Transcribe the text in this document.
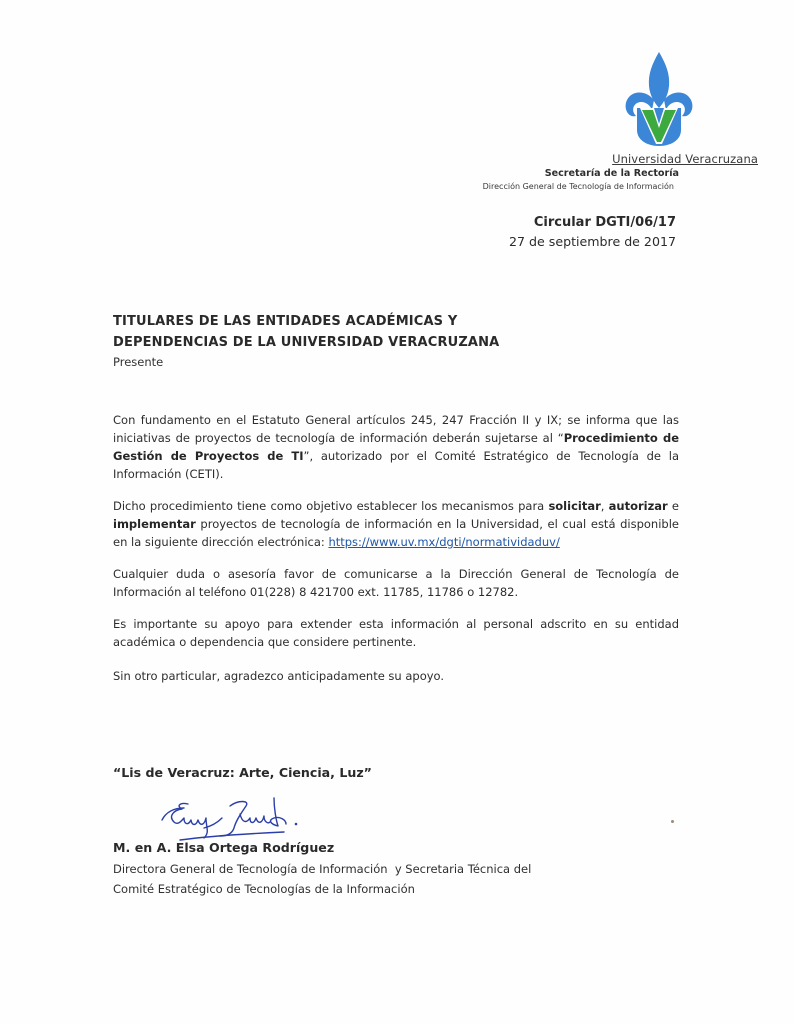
Universidad Veracruzana
Secretaría de la Rectoría
Dirección General de Tecnología de Información
Circular DGTI/06/17
27 de septiembre de 2017
TITULARES DE LAS ENTIDADES ACADÉMICAS Y
DEPENDENCIAS DE LA UNIVERSIDAD VERACRUZANA
Presente
Con fundamento en el Estatuto General artículos 245, 247 Fracción II y IX; se informa que las iniciativas de proyectos de tecnología de información deberán sujetarse al “Procedimiento de Gestión de Proyectos de TI”, autorizado por el Comité Estratégico de Tecnología de la Información (CETI).
Dicho procedimiento tiene como objetivo establecer los mecanismos para solicitar, autorizar e implementar proyectos de tecnología de información en la Universidad, el cual está disponible en la siguiente dirección electrónica: https://www.uv.mx/dgti/normatividaduv/
Cualquier duda o asesoría favor de comunicarse a la Dirección General de Tecnología de Información al teléfono 01(228) 8 421700 ext. 11785, 11786 o 12782.
Es importante su apoyo para extender esta información al personal adscrito en su entidad académica o dependencia que considere pertinente.
Sin otro particular, agradezco anticipadamente su apoyo.
“Lis de Veracruz: Arte, Ciencia, Luz”
M. en A. Elsa Ortega Rodríguez
Directora General de Tecnología de Información  y Secretaria Técnica del
Comité Estratégico de Tecnologías de la Información
